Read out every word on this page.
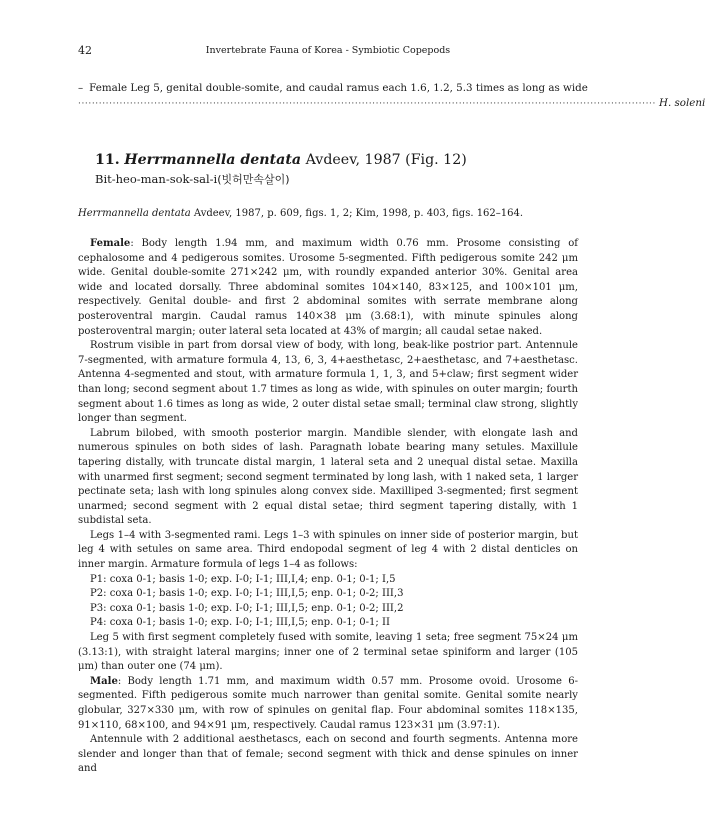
42	Invertebrate Fauna of Korea - Symbiotic Copepods
– Female Leg 5, genital double-somite, and caudal ramus each 1.6, 1.2, 5.3 times as long as wide
······································································································································································· H. soleni
11. Herrmannella dentata Avdeev, 1987 (Fig. 12)
Bit-heo-man-sok-sal-i(빗허만속살이)
Herrmannella dentata Avdeev, 1987, p. 609, figs. 1, 2; Kim, 1998, p. 403, figs. 162–164.

Female: Body length 1.94 mm, and maximum width 0.76 mm. Prosome consisting of cephalosome and 4 pedigerous somites. Urosome 5-segmented. Fifth pedigerous somite 242 μm wide. Genital double-somite 271×242 μm, with roundly expanded anterior 30%. Genital area wide and located dorsally. Three abdominal somites 104×140, 83×125, and 100×101 μm, respectively. Genital double- and first 2 abdominal somites with serrate membrane along posteroventral margin. Caudal ramus 140×38 μm (3.68:1), with minute spinules along posteroventral margin; outer lateral seta located at 43% of margin; all caudal setae naked.

Rostrum visible in part from dorsal view of body, with long, beak-like postrior part. Antennule 7-segmented, with armature formula 4, 13, 6, 3, 4+aesthetasc, 2+aesthetasc, and 7+aesthetasc. Antenna 4-segmented and stout, with armature formula 1, 1, 3, and 5+claw; first segment wider than long; second segment about 1.7 times as long as wide, with spinules on outer margin; fourth segment about 1.6 times as long as wide, 2 outer distal setae small; terminal claw strong, slightly longer than segment.

Labrum bilobed, with smooth posterior margin. Mandible slender, with elongate lash and numerous spinules on both sides of lash. Paragnath lobate bearing many setules. Maxillule tapering distally, with truncate distal margin, 1 lateral seta and 2 unequal distal setae. Maxilla with unarmed first segment; second segment terminated by long lash, with 1 naked seta, 1 larger pectinate seta; lash with long spinules along convex side. Maxilliped 3-segmented; first segment unarmed; second segment with 2 equal distal setae; third segment tapering distally, with 1 subdistal seta.

Legs 1–4 with 3-segmented rami. Legs 1–3 with spinules on inner side of posterior margin, but leg 4 with setules on same area. Third endopodal segment of leg 4 with 2 distal denticles on inner margin. Armature formula of legs 1–4 as follows:

P1: coxa 0-1; basis 1-0; exp. I-0; I-1; III,I,4; enp. 0-1; 0-1; I,5
P2: coxa 0-1; basis 1-0; exp. I-0; I-1; III,I,5; enp. 0-1; 0-2; III,3
P3: coxa 0-1; basis 1-0; exp. I-0; I-1; III,I,5; enp. 0-1; 0-2; III,2
P4: coxa 0-1; basis 1-0; exp. I-0; I-1; III,I,5; enp. 0-1; 0-1; II

Leg 5 with first segment completely fused with somite, leaving 1 seta; free segment 75×24 μm (3.13:1), with straight lateral margins; inner one of 2 terminal setae spiniform and larger (105 μm) than outer one (74 μm).

Male: Body length 1.71 mm, and maximum width 0.57 mm. Prosome ovoid. Urosome 6-segmented. Fifth pedigerous somite much narrower than genital somite. Genital somite nearly globular, 327×330 μm, with row of spinules on genital flap. Four abdominal somites 118×135, 91×110, 68×100, and 94×91 μm, respectively. Caudal ramus 123×31 μm (3.97:1).

Antennule with 2 additional aesthetascs, each on second and fourth segments. Antenna more slender and longer than that of female; second segment with thick and dense spinules on inner and
